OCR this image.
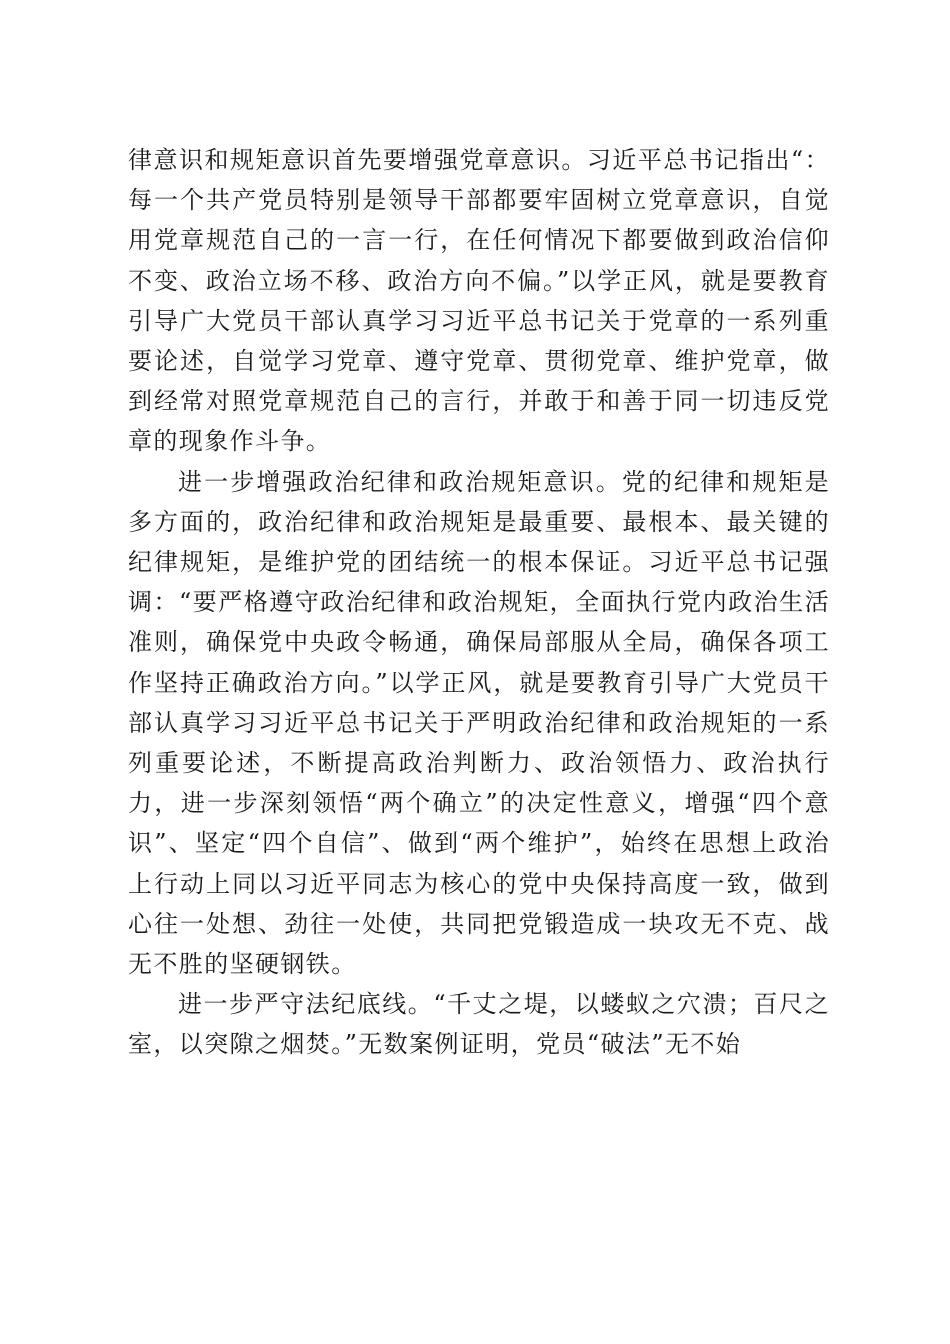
律意识和规矩意识首先要增强党章意识。习近平总书记指出“：每一个共产党员特别是领导干部都要牢固树立党章意识，自觉用党章规范自己的一言一行，在任何情况下都要做到政治信仰不变、政治立场不移、政治方向不偏。”以学正风，就是要教育引导广大党员干部认真学习习近平总书记关于党章的一系列重要论述，自觉学习党章、遵守党章、贯彻党章、维护党章，做到经常对照党章规范自己的言行，并敢于和善于同一切违反党章的现象作斗争。

进一步增强政治纪律和政治规矩意识。党的纪律和规矩是多方面的，政治纪律和政治规矩是最重要、最根本、最关键的纪律规矩，是维护党的团结统一的根本保证。习近平总书记强调：“要严格遵守政治纪律和政治规矩，全面执行党内政治生活准则，确保党中央政令畅通，确保局部服从全局，确保各项工作坚持正确政治方向。”以学正风，就是要教育引导广大党员干部认真学习习近平总书记关于严明政治纪律和政治规矩的一系列重要论述，不断提高政治判断力、政治领悟力、政治执行力，进一步深刻领悟“两个确立”的决定性意义，增强“四个意识”、坚定“四个自信”、做到“两个维护”，始终在思想上政治上行动上同以习近平同志为核心的党中央保持高度一致，做到心往一处想、劲往一处使，共同把党锻造成一块攻无不克、战无不胜的坚硬钢铁。

进一步严守法纪底线。“千丈之堤，以蝼蚁之穴溃；百尺之室，以突隙之烟焚。”无数案例证明，党员“破法”无不始
